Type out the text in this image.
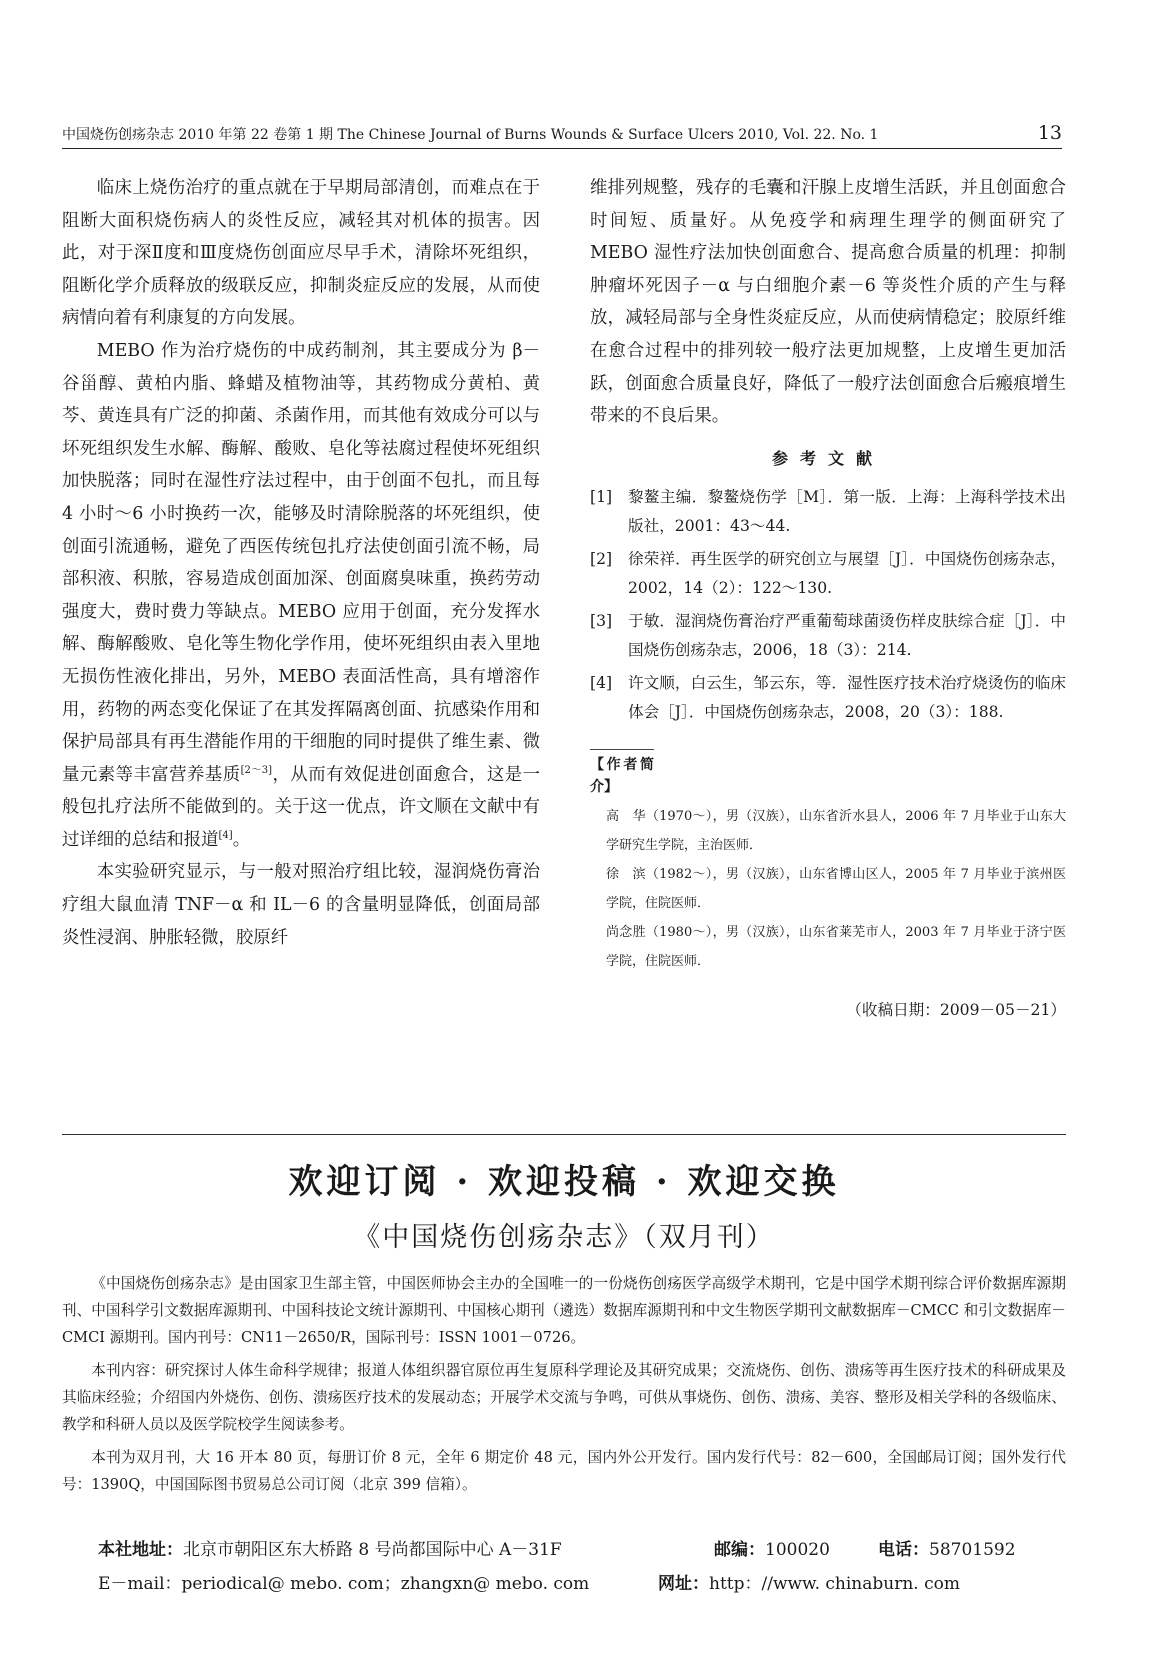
中国烧伤创疡杂志 2010 年第 22 卷第 1 期 The Chinese Journal of Burns Wounds & Surface Ulcers 2010, Vol. 22. No. 1	13

临床上烧伤治疗的重点就在于早期局部清创，而难点在于阻断大面积烧伤病人的炎性反应，减轻其对机体的损害。因此，对于深Ⅱ度和Ⅲ度烧伤创面应尽早手术，清除坏死组织，阻断化学介质释放的级联反应，抑制炎症反应的发展，从而使病情向着有利康复的方向发展。

MEBO 作为治疗烧伤的中成药制剂，其主要成分为 β－谷甾醇、黄柏内脂、蜂蜡及植物油等，其药物成分黄柏、黄芩、黄连具有广泛的抑菌、杀菌作用，而其他有效成分可以与坏死组织发生水解、酶解、酸败、皂化等祛腐过程使坏死组织加快脱落；同时在湿性疗法过程中，由于创面不包扎，而且每 4 小时～6 小时换药一次，能够及时清除脱落的坏死组织，使创面引流通畅，避免了西医传统包扎疗法使创面引流不畅，局部积液、积脓，容易造成创面加深、创面腐臭味重，换药劳动强度大，费时费力等缺点。MEBO 应用于创面，充分发挥水解、酶解酸败、皂化等生物化学作用，使坏死组织由表入里地无损伤性液化排出，另外，MEBO 表面活性高，具有增溶作用，药物的两态变化保证了在其发挥隔离创面、抗感染作用和保护局部具有再生潜能作用的干细胞的同时提供了维生素、微量元素等丰富营养基质[2～3]，从而有效促进创面愈合，这是一般包扎疗法所不能做到的。关于这一优点，许文顺在文献中有过详细的总结和报道[4]。

本实验研究显示，与一般对照治疗组比较，湿润烧伤膏治疗组大鼠血清 TNF－α 和 IL－6 的含量明显降低，创面局部炎性浸润、肿胀轻微，胶原纤

维排列规整，残存的毛囊和汗腺上皮增生活跃，并且创面愈合时间短、质量好。从免疫学和病理生理学的侧面研究了 MEBO 湿性疗法加快创面愈合、提高愈合质量的机理：抑制肿瘤坏死因子－α 与白细胞介素－6 等炎性介质的产生与释放，减轻局部与全身性炎症反应，从而使病情稳定；胶原纤维在愈合过程中的排列较一般疗法更加规整，上皮增生更加活跃，创面愈合质量良好，降低了一般疗法创面愈合后瘢痕增生带来的不良后果。

参考文献
[1] 黎鳌主编．黎鳌烧伤学［M］．第一版．上海：上海科学技术出版社，2001：43～44.
[2] 徐荣祥．再生医学的研究创立与展望［J］．中国烧伤创疡杂志，2002，14（2）：122～130.
[3] 于敏．湿润烧伤膏治疗严重葡萄球菌烫伤样皮肤综合症［J］．中国烧伤创疡杂志，2006，18（3）：214.
[4] 许文顺，白云生，邹云东，等．湿性医疗技术治疗烧烫伤的临床体会［J］．中国烧伤创疡杂志，2008，20（3）：188.
【作者简介】
高　华（1970～），男（汉族），山东省沂水县人，2006 年 7 月毕业于山东大学研究生学院，主治医师．
徐　滨（1982～），男（汉族），山东省博山区人，2005 年 7 月毕业于滨州医学院，住院医师．
尚念胜（1980～），男（汉族），山东省莱芜市人，2003 年 7 月毕业于济宁医学院，住院医师．
（收稿日期：2009－05－21）
欢迎订阅 · 欢迎投稿 · 欢迎交换
《中国烧伤创疡杂志》（双月刊）

《中国烧伤创疡杂志》是由国家卫生部主管，中国医师协会主办的全国唯一的一份烧伤创疡医学高级学术期刊，它是中国学术期刊综合评价数据库源期刊、中国科学引文数据库源期刊、中国科技论文统计源期刊、中国核心期刊（遴选）数据库源期刊和中文生物医学期刊文献数据库－CMCC 和引文数据库－CMCI 源期刊。国内刊号：CN11－2650/R，国际刊号：ISSN 1001－0726。

本刊内容：研究探讨人体生命科学规律；报道人体组织器官原位再生复原科学理论及其研究成果；交流烧伤、创伤、溃疡等再生医疗技术的科研成果及其临床经验；介绍国内外烧伤、创伤、溃疡医疗技术的发展动态；开展学术交流与争鸣，可供从事烧伤、创伤、溃疡、美容、整形及相关学科的各级临床、教学和科研人员以及医学院校学生阅读参考。

本刊为双月刊，大 16 开本 80 页，每册订价 8 元，全年 6 期定价 48 元，国内外公开发行。国内发行代号：82－600，全国邮局订阅；国外发行代号：1390Q，中国国际图书贸易总公司订阅（北京 399 信箱）。

本社地址：北京市朝阳区东大桥路 8 号尚都国际中心 A－31F	邮编：100020	电话：58701592
E－mail：periodical@ mebo. com；zhangxn@ mebo. com	网址：http：//www. chinaburn. com
